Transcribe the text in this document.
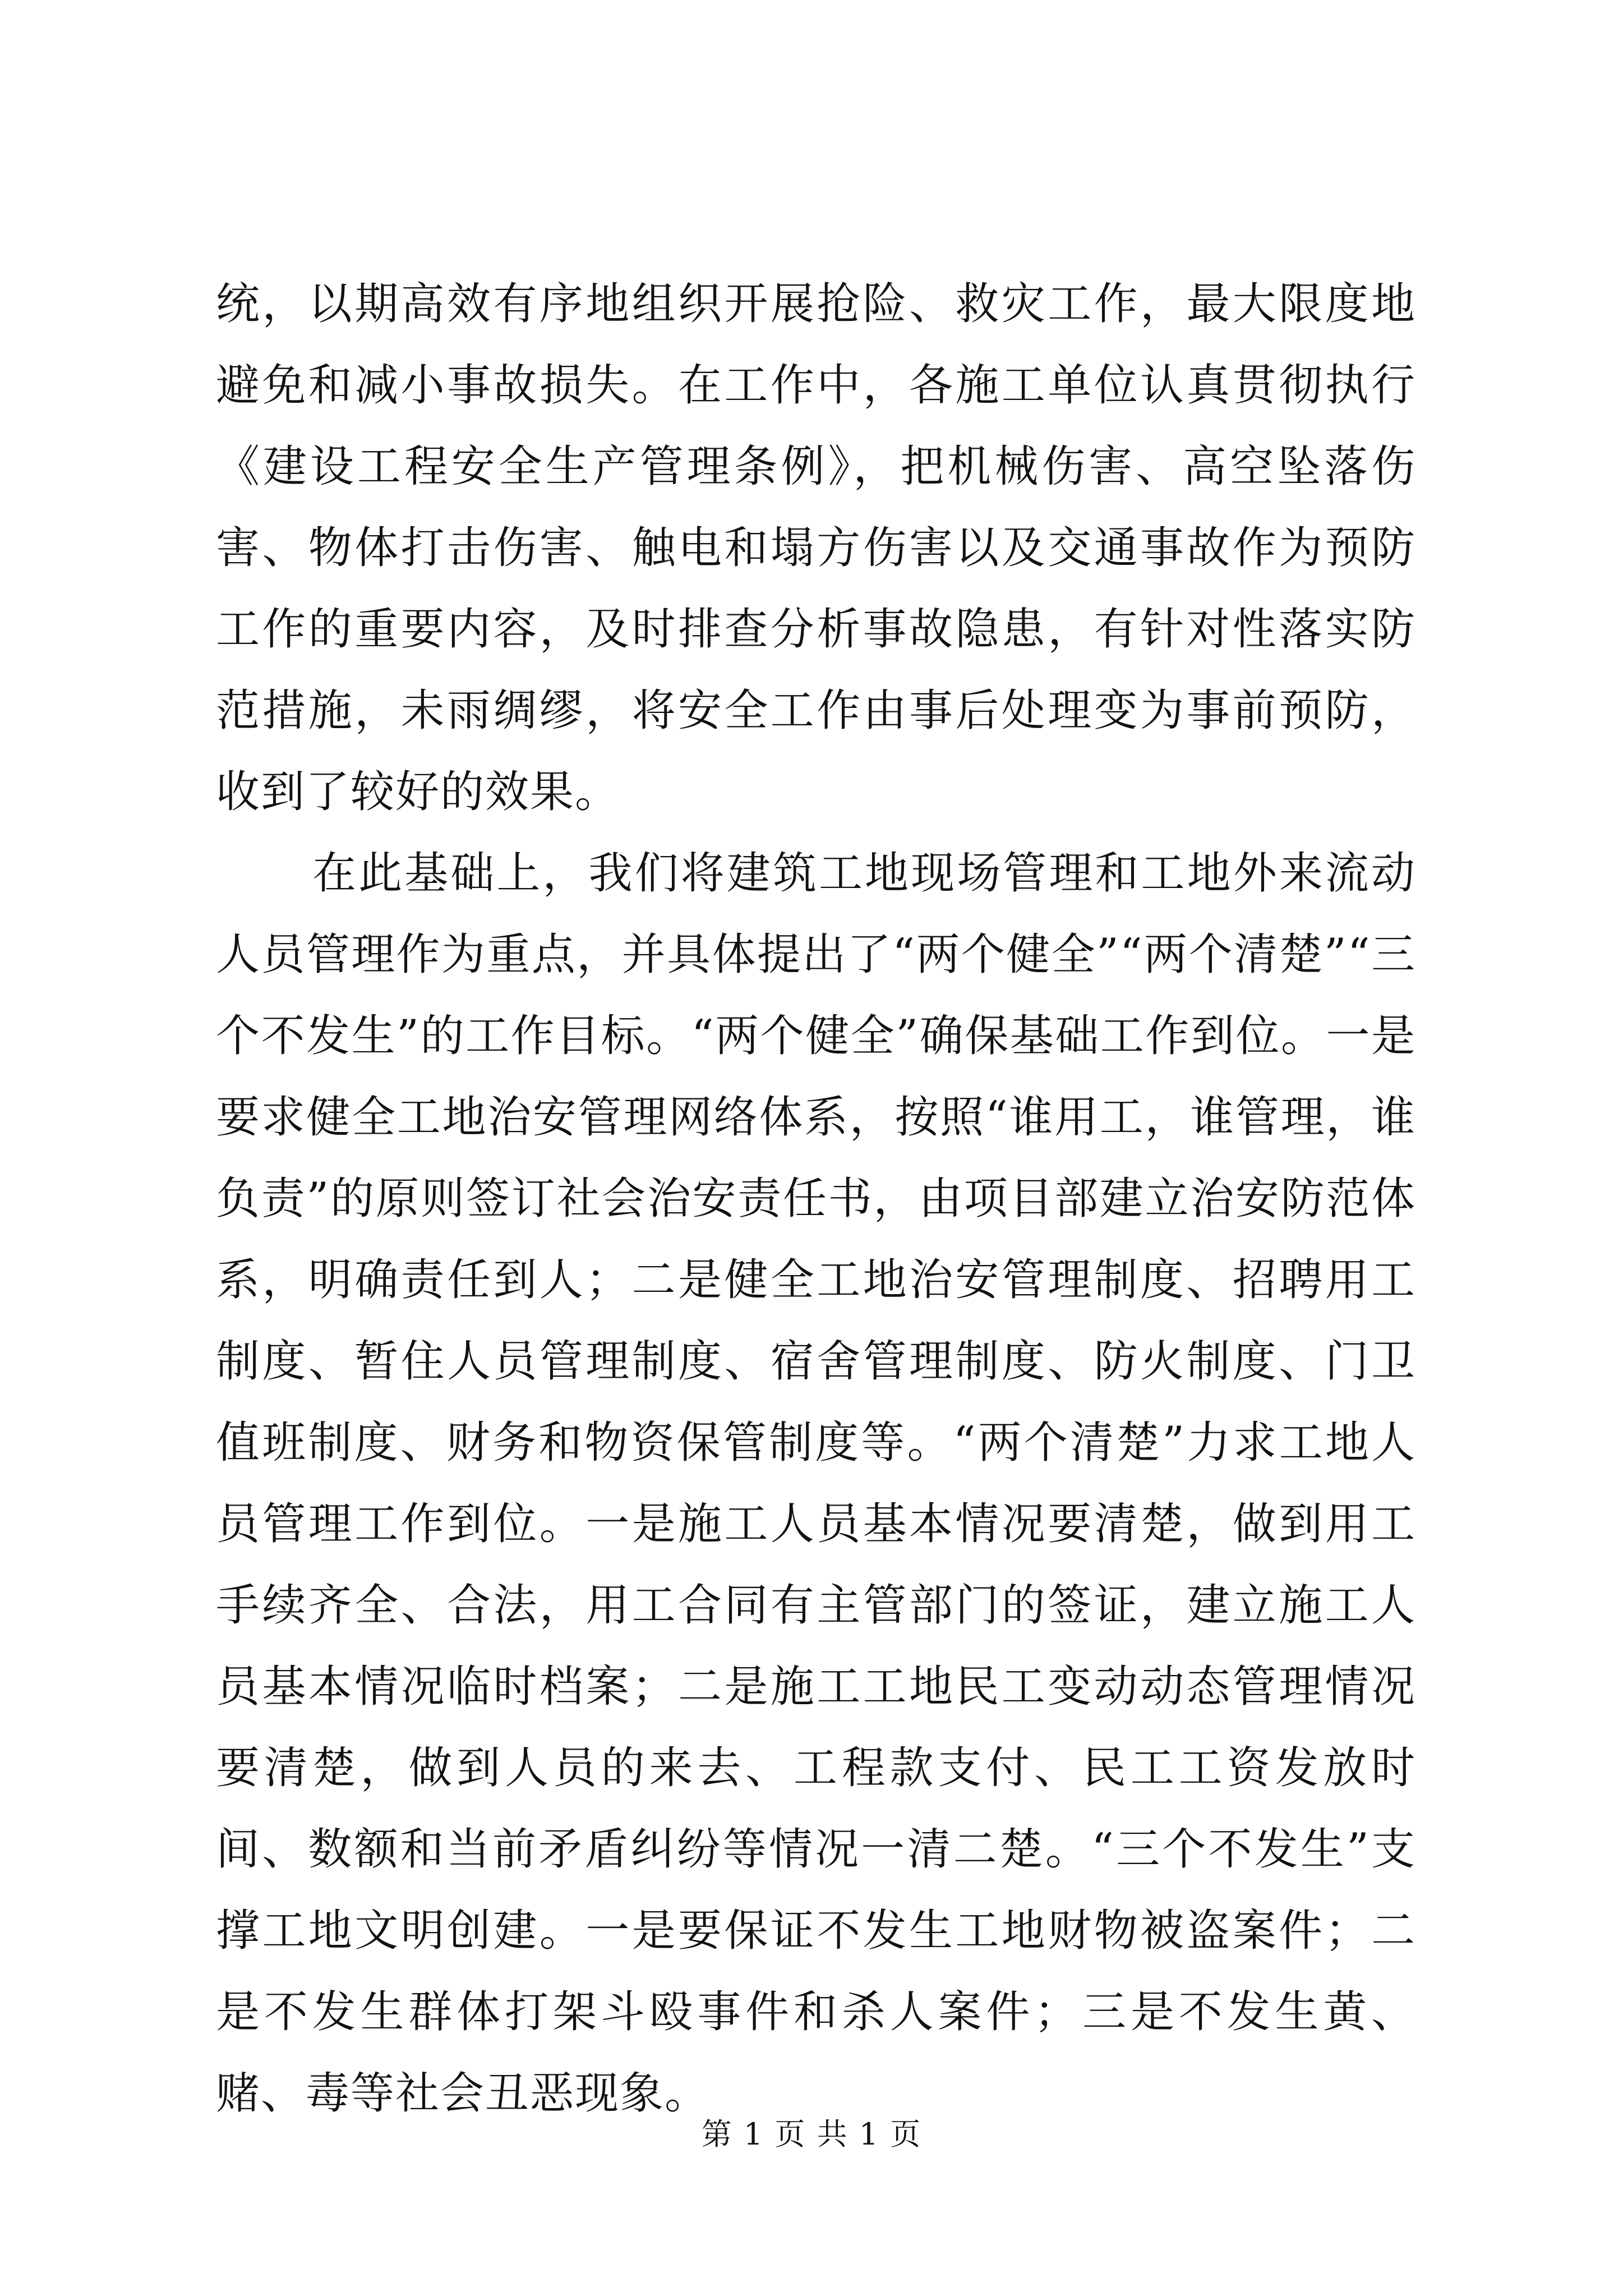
统，以期高效有序地组织开展抢险、救灾工作，最大限度地避免和减小事故损失。在工作中，各施工单位认真贯彻执行《建设工程安全生产管理条例》，把机械伤害、高空坠落伤害、物体打击伤害、触电和塌方伤害以及交通事故作为预防工作的重要内容，及时排查分析事故隐患，有针对性落实防范措施，未雨绸缪，将安全工作由事后处理变为事前预防，收到了较好的效果。

在此基础上，我们将建筑工地现场管理和工地外来流动人员管理作为重点，并具体提出了“两个健全”“两个清楚”“三个不发生”的工作目标。“两个健全”确保基础工作到位。一是要求健全工地治安管理网络体系，按照“谁用工，谁管理，谁负责”的原则签订社会治安责任书，由项目部建立治安防范体系，明确责任到人；二是健全工地治安管理制度、招聘用工制度、暂住人员管理制度、宿舍管理制度、防火制度、门卫值班制度、财务和物资保管制度等。“两个清楚”力求工地人员管理工作到位。一是施工人员基本情况要清楚，做到用工手续齐全、合法，用工合同有主管部门的签证，建立施工人员基本情况临时档案；二是施工工地民工变动动态管理情况要清楚，做到人员的来去、工程款支付、民工工资发放时间、数额和当前矛盾纠纷等情况一清二楚。“三个不发生”支撑工地文明创建。一是要保证不发生工地财物被盗案件；二是不发生群体打架斗殴事件和杀人案件；三是不发生黄、赌、毒等社会丑恶现象。

第 1 页 共 1 页
